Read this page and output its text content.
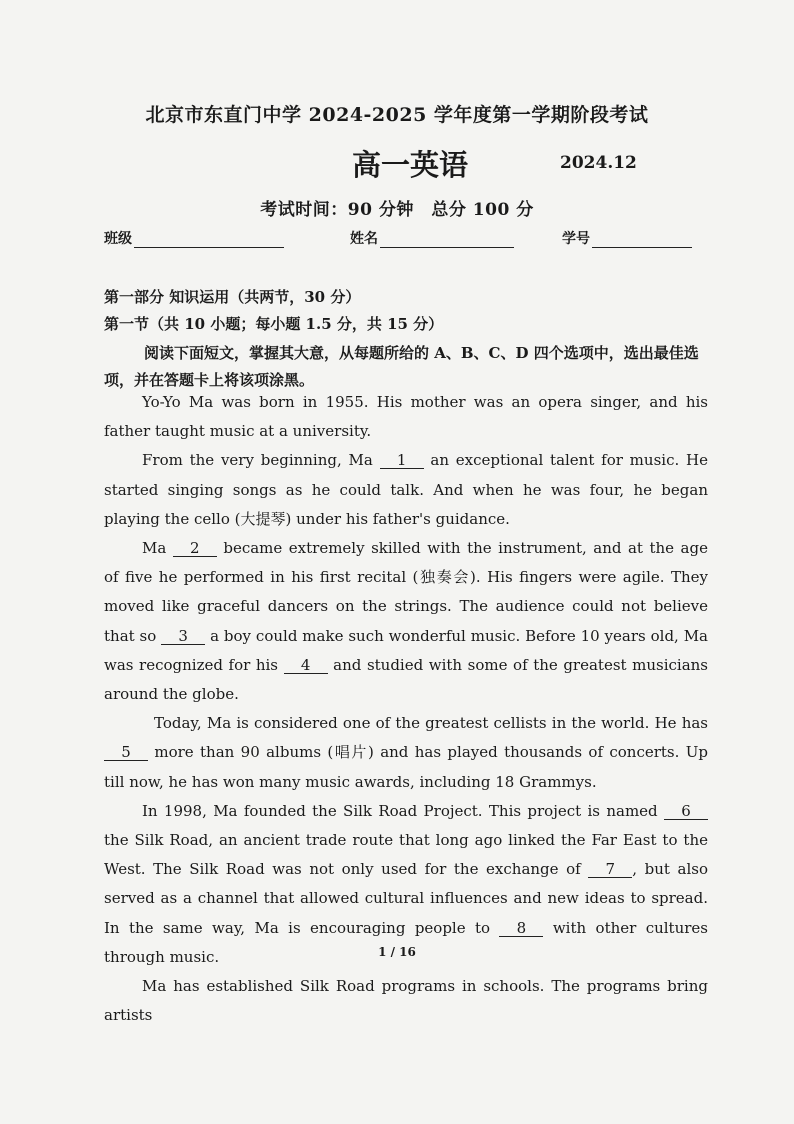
北京市东直门中学 2024-2025 学年度第一学期阶段考试
高一英语	2024.12
考试时间：90 分钟　总分 100 分
班级	姓名	学号
第一部分 知识运用（共两节，30 分）
第一节（共 10 小题；每小题 1.5 分，共 15 分）
阅读下面短文，掌握其大意，从每题所给的 A、B、C、D 四个选项中，选出最佳选项，并在答题卡上将该项涂黑。

Yo-Yo Ma was born in 1955. His mother was an opera singer, and his father taught music at a university.

From the very beginning, Ma 1 an exceptional talent for music. He started singing songs as he could talk. And when he was four, he began playing the cello (大提琴) under his father's guidance.

Ma 2 became extremely skilled with the instrument, and at the age of five he performed in his first recital (独奏会). His fingers were agile. They moved like graceful dancers on the strings. The audience could not believe that so 3 a boy could make such wonderful music. Before 10 years old, Ma was recognized for his 4 and studied with some of the greatest musicians around the globe.

Today, Ma is considered one of the greatest cellists in the world. He has 5 more than 90 albums (唱片) and has played thousands of concerts. Up till now, he has won many music awards, including 18 Grammys.

In 1998, Ma founded the Silk Road Project. This project is named 6 the Silk Road, an ancient trade route that long ago linked the Far East to the West. The Silk Road was not only used for the exchange of 7 , but also served as a channel that allowed cultural influences and new ideas to spread. In the same way, Ma is encouraging people to 8 with other cultures through music.

Ma has established Silk Road programs in schools. The programs bring artists

1 / 16
